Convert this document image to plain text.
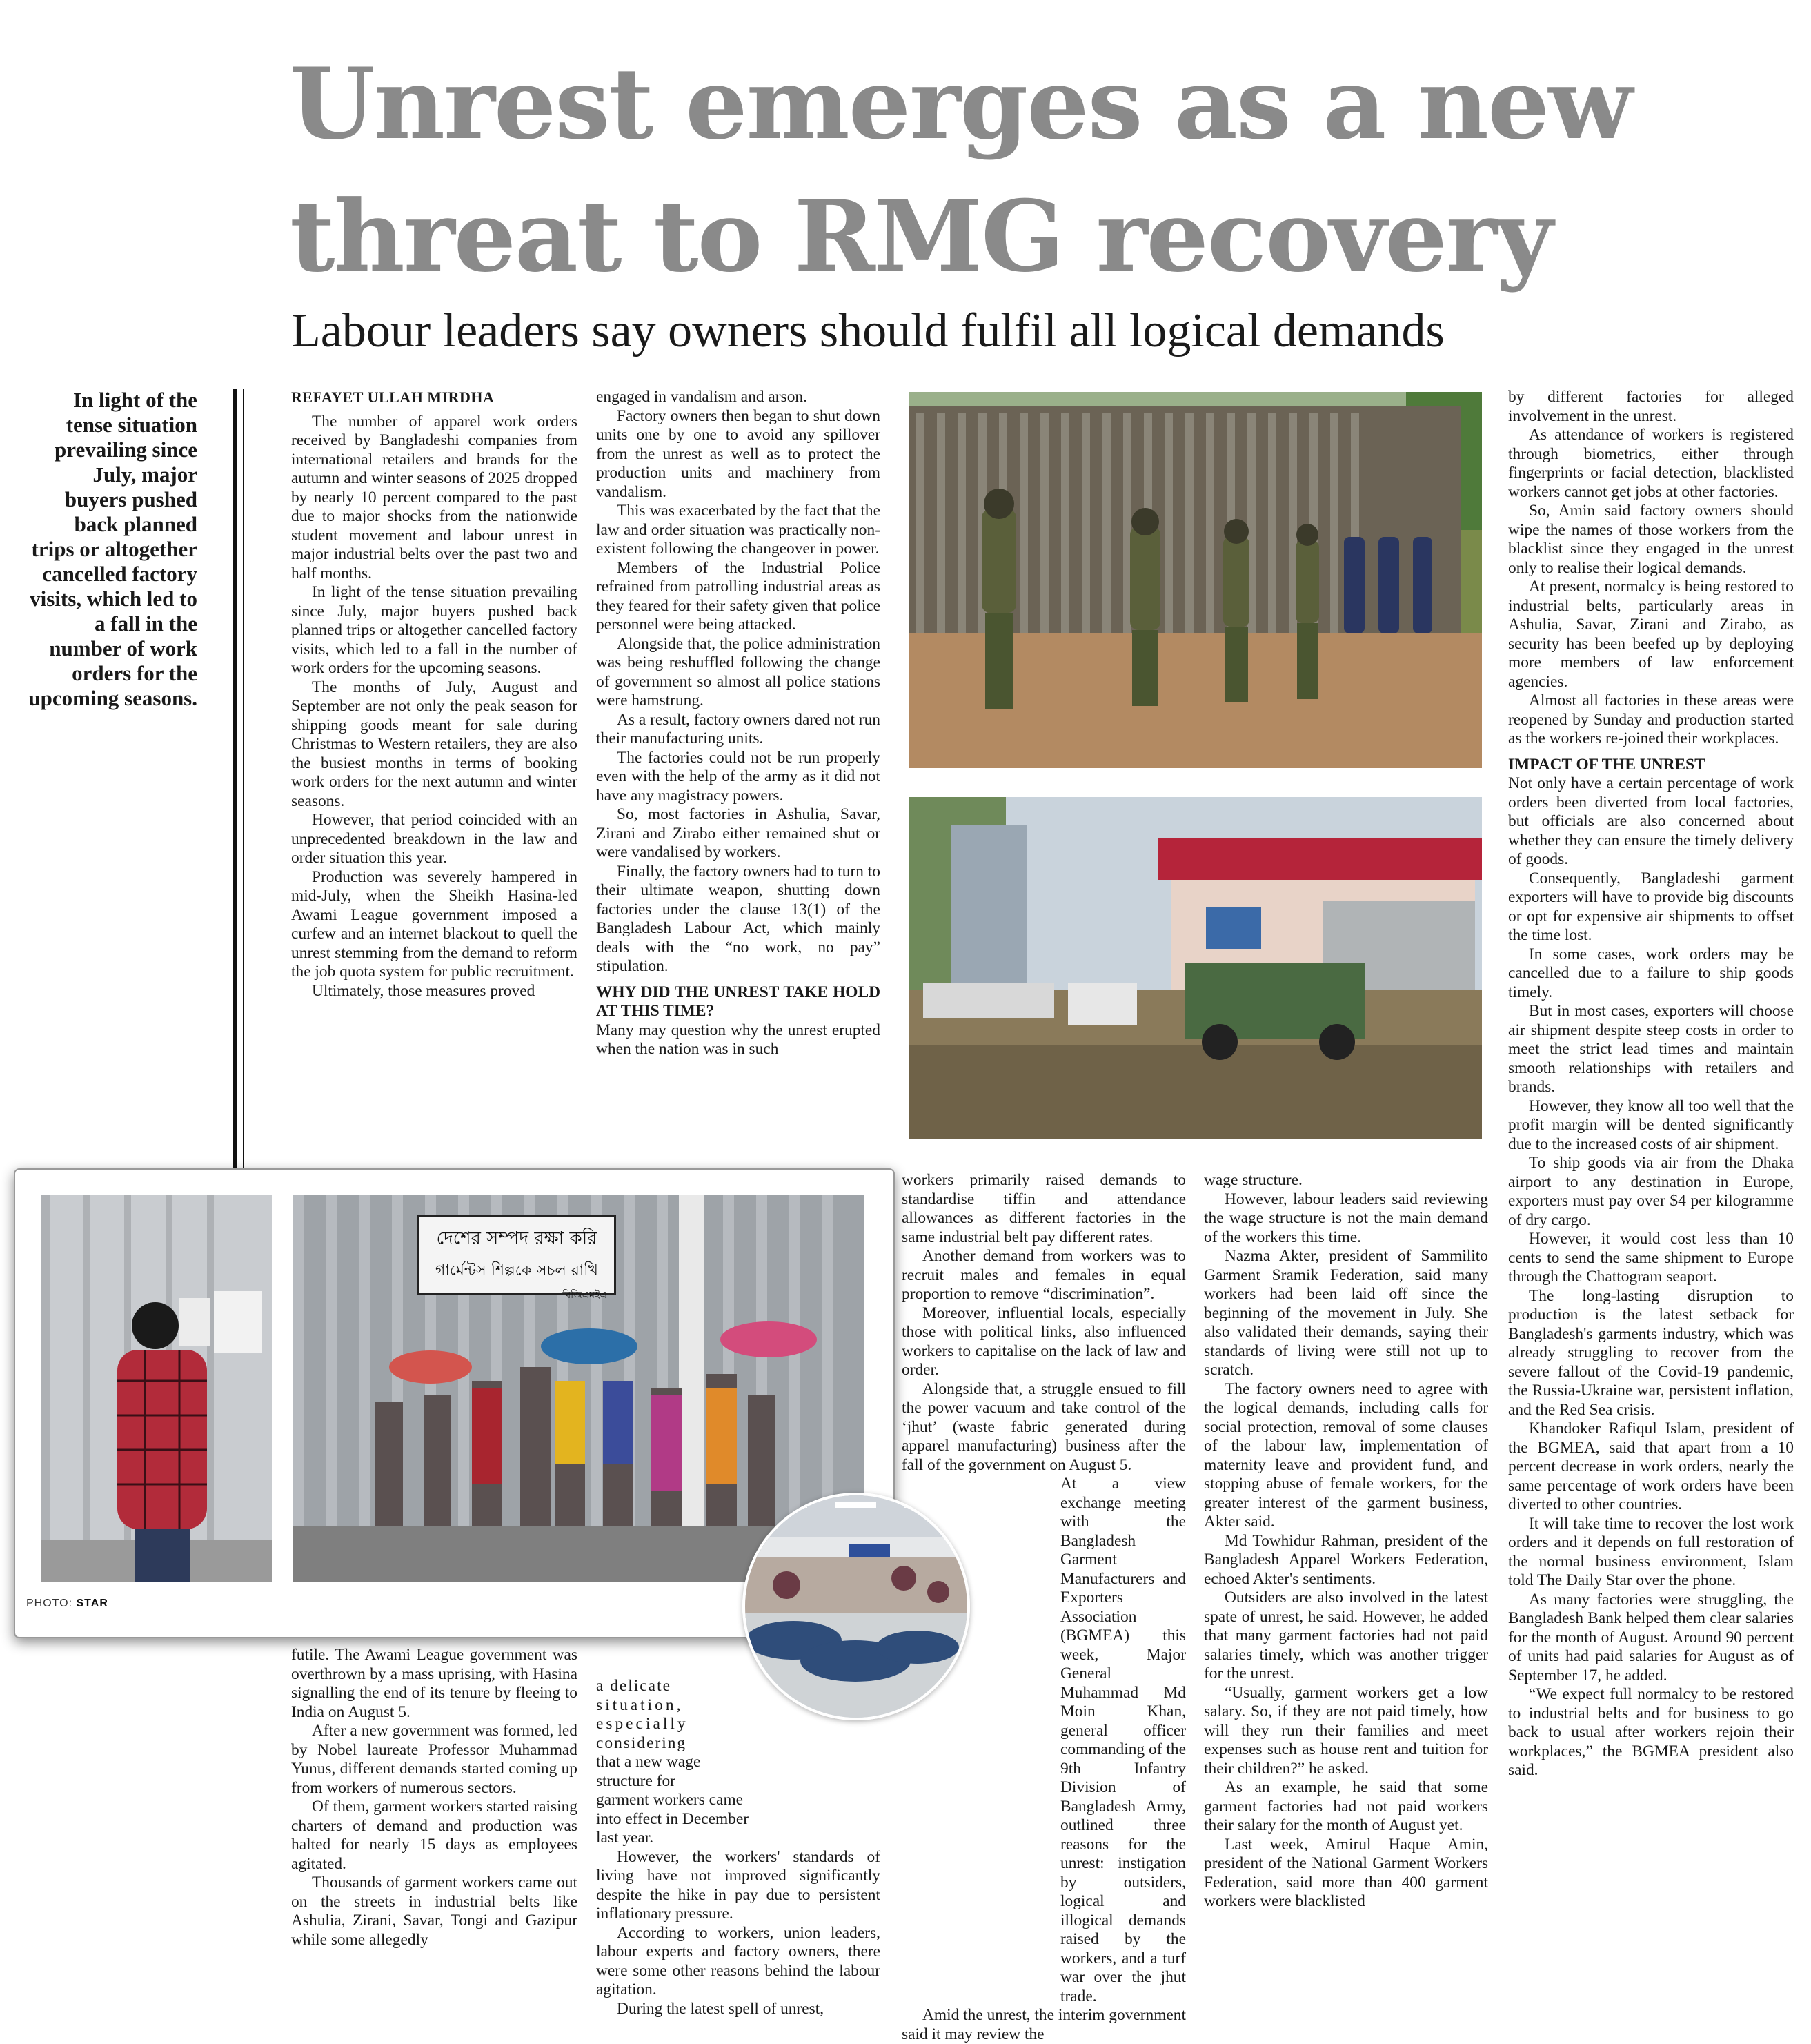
Unrest emerges as a new
threat to RMG recovery
Labour leaders say owners should fulfil all logical demands
In light of the tense situation prevailing since July, major buyers pushed back planned trips or altogether cancelled factory visits, which led to a fall in the number of work orders for the upcoming seasons.

REFAYET ULLAH MIRDHA

The number of apparel work orders received by Bangladeshi companies from international retailers and brands for the autumn and winter seasons of 2025 dropped by nearly 10 percent compared to the past due to major shocks from the nationwide student movement and labour unrest in major industrial belts over the past two and half months.

In light of the tense situation prevailing since July, major buyers pushed back planned trips or altogether cancelled factory visits, which led to a fall in the number of work orders for the upcoming seasons.

The months of July, August and September are not only the peak season for shipping goods meant for sale during Christmas to Western retailers, they are also the busiest months in terms of booking work orders for the next autumn and winter seasons.

However, that period coincided with an unprecedented breakdown in the law and order situation this year.

Production was severely hampered in mid-July, when the Sheikh Hasina-led Awami League government imposed a curfew and an internet blackout to quell the unrest stemming from the demand to reform the job quota system for public recruitment.

Ultimately, those measures proved

engaged in vandalism and arson.

Factory owners then began to shut down units one by one to avoid any spillover from the unrest as well as to protect the production units and machinery from vandalism.

This was exacerbated by the fact that the law and order situation was practically non-existent following the changeover in power.

Members of the Industrial Police refrained from patrolling industrial areas as they feared for their safety given that police personnel were being attacked.

Alongside that, the police administration was being reshuffled following the change of government so almost all police stations were hamstrung.

As a result, factory owners dared not run their manufacturing units.

The factories could not be run properly even with the help of the army as it did not have any magistracy powers.

So, most factories in Ashulia, Savar, Zirani and Zirabo either remained shut or were vandalised by workers.

Finally, the factory owners had to turn to their ultimate weapon, shutting down factories under the clause 13(1) of the Bangladesh Labour Act, which mainly deals with the “no work, no pay” stipulation.

WHY DID THE UNREST TAKE HOLD AT THIS TIME?

Many may question why the unrest erupted when the nation was in such

futile. The Awami League government was overthrown by a mass uprising, with Hasina signalling the end of its tenure by fleeing to India on August 5.

After a new government was formed, led by Nobel laureate Professor Muhammad Yunus, different demands started coming up from workers of numerous sectors.

Of them, garment workers started raising charters of demand and production was halted for nearly 15 days as employees agitated.

Thousands of garment workers came out on the streets in industrial belts like Ashulia, Zirani, Savar, Tongi and Gazipur while some allegedly

a delicate
situation,
especially
considering
that a new wage
structure for
garment workers came
into effect in December
last year.

However, the workers' standards of living have not improved significantly despite the hike in pay due to persistent inflationary pressure.

According to workers, union leaders, labour experts and factory owners, there were some other reasons behind the labour agitation.

During the latest spell of unrest,

workers primarily raised demands to standardise tiffin and attendance allowances as different factories in the same industrial belt pay different rates.

Another demand from workers was to recruit males and females in equal proportion to remove “discrimination”.

Moreover, influential locals, especially those with political links, also influenced workers to capitalise on the lack of law and order.

Alongside that, a struggle ensued to fill the power vacuum and take control of the ‘jhut’ (waste fabric generated during apparel manufacturing) business after the fall of the government on August 5.

At a view exchange meeting with the Bangladesh Garment Manufacturers and Exporters Association (BGMEA) this week, Major General Muhammad Md Moin Khan, general officer commanding of the 9th Infantry Division of Bangladesh Army, outlined three reasons for the unrest: instigation by outsiders, logical and illogical demands raised by the workers, and a turf war over the jhut trade.

Amid the unrest, the interim government said it may review the

wage structure.

However, labour leaders said reviewing the wage structure is not the main demand of the workers this time.

Nazma Akter, president of Sammilito Garment Sramik Federation, said many workers had been laid off since the beginning of the movement in July. She also validated their demands, saying their standards of living were still not up to scratch.

The factory owners need to agree with the logical demands, including calls for social protection, removal of some clauses of the labour law, implementation of maternity leave and provident fund, and stopping abuse of female workers, for the greater interest of the garment business, Akter said.

Md Towhidur Rahman, president of the Bangladesh Apparel Workers Federation, echoed Akter's sentiments.

Outsiders are also involved in the latest spate of unrest, he said. However, he added that many garment factories had not paid salaries timely, which was another trigger for the unrest.

“Usually, garment workers get a low salary. So, if they are not paid timely, how will they run their families and meet expenses such as house rent and tuition for their children?” he asked.

As an example, he said that some garment factories had not paid workers their salary for the month of August yet.

Last week, Amirul Haque Amin, president of the National Garment Workers Federation, said more than 400 garment workers were blacklisted

by different factories for alleged involvement in the unrest.

As attendance of workers is registered through biometrics, either through fingerprints or facial detection, blacklisted workers cannot get jobs at other factories.

So, Amin said factory owners should wipe the names of those workers from the blacklist since they engaged in the unrest only to realise their logical demands.

At present, normalcy is being restored to industrial belts, particularly areas in Ashulia, Savar, Zirani and Zirabo, as security has been beefed up by deploying more members of law enforcement agencies.

Almost all factories in these areas were reopened by Sunday and production started as the workers re-joined their workplaces.

IMPACT OF THE UNREST

Not only have a certain percentage of work orders been diverted from local factories, but officials are also concerned about whether they can ensure the timely delivery of goods.

Consequently, Bangladeshi garment exporters will have to provide big discounts or opt for expensive air shipments to offset the time lost.

In some cases, work orders may be cancelled due to a failure to ship goods timely.

But in most cases, exporters will choose air shipment despite steep costs in order to meet the strict lead times and maintain smooth relationships with retailers and brands.

However, they know all too well that the profit margin will be dented significantly due to the increased costs of air shipment.

To ship goods via air from the Dhaka airport to any destination in Europe, exporters must pay over $4 per kilogramme of dry cargo.

However, it would cost less than 10 cents to send the same shipment to Europe through the Chattogram seaport.

The long-lasting disruption to production is the latest setback for Bangladesh's garments industry, which was already struggling to recover from the severe fallout of the Covid-19 pandemic, the Russia-Ukraine war, persistent inflation, and the Red Sea crisis.

Khandoker Rafiqul Islam, president of the BGMEA, said that apart from a 10 percent decrease in work orders, nearly the same percentage of work orders have been diverted to other countries.

It will take time to recover the lost work orders and it depends on full restoration of the normal business environment, Islam told The Daily Star over the phone.

As many factories were struggling, the Bangladesh Bank helped them clear salaries for the month of August. Around 90 percent of units had paid salaries for August as of September 17, he added.

“We expect full normalcy to be restored to industrial belts and for business to go back to usual after workers rejoin their workplaces,” the BGMEA president also said.

দেশের সম্পদ রক্ষা করি
গার্মেন্টস শিল্পকে সচল রাখি
বিজিএমইএ
PHOTO: STAR
